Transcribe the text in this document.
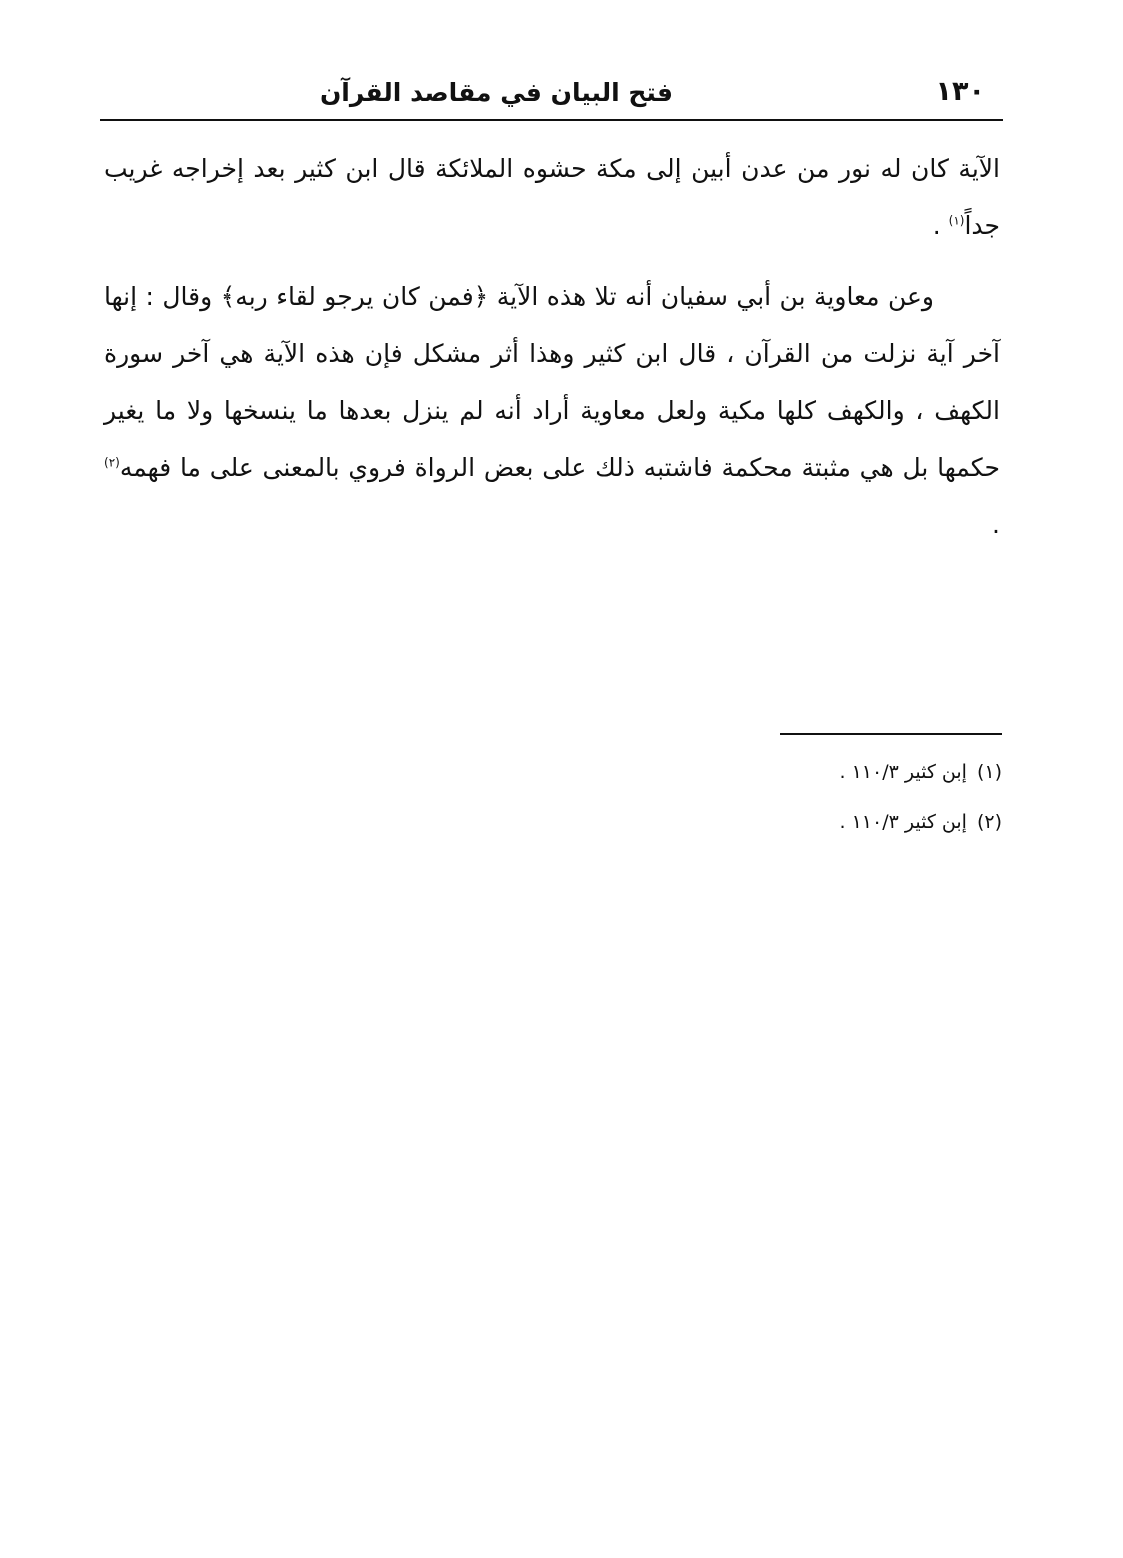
١٣٠
فتح البيان في مقاصد القرآن

الآية كان له نور من عدن أبين إلى مكة حشوه الملائكة قال ابن كثير بعد إخراجه غريب جداً$^{(١)}$ .

وعن معاوية بن أبي سفيان أنه تلا هذه الآية ﴿فمن كان يرجو لقاء ربه﴾ وقال : إنها آخر آية نزلت من القرآن ، قال ابن كثير وهذا أثر مشكل فإن هذه الآية هي آخر سورة الكهف ، والكهف كلها مكية ولعل معاوية أراد أنه لم ينزل بعدها ما ينسخها ولا ما يغير حكمها بل هي مثبتة محكمة فاشتبه ذلك على بعض الرواة فروي بالمعنى على ما فهمه$^{(٢)}$ .

(١)إبن كثير ١١٠/٣ .
(٢)إبن كثير ١١٠/٣ .
